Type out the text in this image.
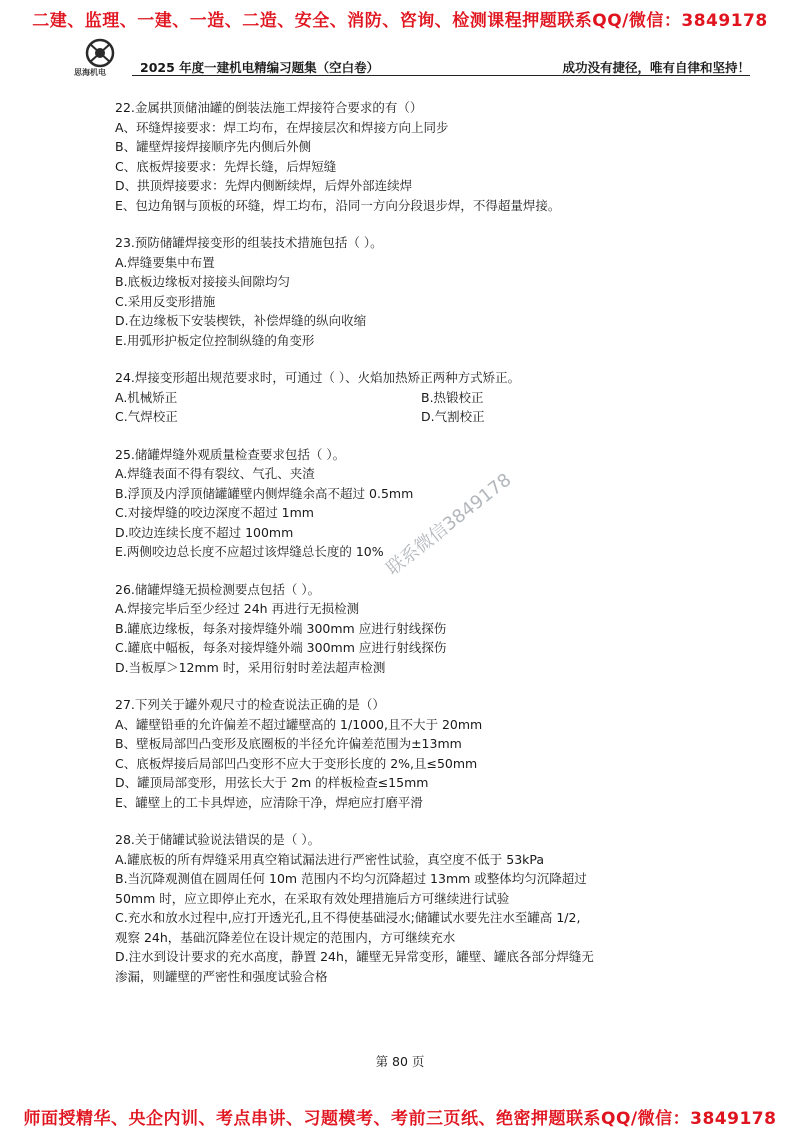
二建、监理、一建、一造、二造、安全、消防、咨询、检测课程押题联系QQ/微信：3849178
思海机电	2025 年度一建机电精编习题集（空白卷）	成功没有捷径，唯有自律和坚持！
22.金属拱顶储油罐的倒装法施工焊接符合要求的有（）
A、环缝焊接要求：焊工均布，在焊接层次和焊接方向上同步
B、罐壁焊接焊接顺序先内侧后外侧
C、底板焊接要求：先焊长缝，后焊短缝
D、拱顶焊接要求：先焊内侧断续焊，后焊外部连续焊
E、包边角钢与顶板的环缝，焊工均布，沿同一方向分段退步焊，不得超量焊接。
23.预防储罐焊接变形的组装技术措施包括（ ）。
A.焊缝要集中布置
B.底板边缘板对接接头间隙均匀
C.采用反变形措施
D.在边缘板下安装楔铁，补偿焊缝的纵向收缩
E.用弧形护板定位控制纵缝的角变形
24.焊接变形超出规范要求时，可通过（ ）、火焰加热矫正两种方式矫正。
A.机械矫正	B.热锻校正
C.气焊校正	D.气割校正
25.储罐焊缝外观质量检查要求包括（ ）。
A.焊缝表面不得有裂纹、气孔、夹渣
B.浮顶及内浮顶储罐罐壁内侧焊缝余高不超过 0.5mm
C.对接焊缝的咬边深度不超过 1mm
D.咬边连续长度不超过 100mm
E.两侧咬边总长度不应超过该焊缝总长度的 10%
26.储罐焊缝无损检测要点包括（ ）。
A.焊接完毕后至少经过 24h 再进行无损检测
B.罐底边缘板，每条对接焊缝外端 300mm 应进行射线探伤
C.罐底中幅板，每条对接焊缝外端 300mm 应进行射线探伤
D.当板厚＞12mm 时，采用衍射时差法超声检测
27.下列关于罐外观尺寸的检查说法正确的是（）
A、罐壁铅垂的允许偏差不超过罐壁高的 1/1000,且不大于 20mm
B、壁板局部凹凸变形及底圈板的半径允许偏差范围为±13mm
C、底板焊接后局部凹凸变形不应大于变形长度的 2%,且≤50mm
D、罐顶局部变形，用弦长大于 2m 的样板检查≤15mm
E、罐壁上的工卡具焊迹，应清除干净，焊疤应打磨平滑
28.关于储罐试验说法错误的是（ ）。
A.罐底板的所有焊缝采用真空箱试漏法进行严密性试验，真空度不低于 53kPa
B.当沉降观测值在圆周任何 10m 范围内不均匀沉降超过 13mm 或整体均匀沉降超过
50mm 时，应立即停止充水，在采取有效处理措施后方可继续进行试验
C.充水和放水过程中,应打开透光孔,且不得使基础浸水;储罐试水要先注水至罐高 1/2,
观察 24h，基础沉降差位在设计规定的范围内，方可继续充水
D.注水到设计要求的充水高度，静置 24h，罐壁无异常变形，罐壁、罐底各部分焊缝无
渗漏，则罐壁的严密性和强度试验合格
联系微信3849178
第 80 页
师面授精华、央企内训、考点串讲、习题模考、考前三页纸、绝密押题联系QQ/微信：3849178
